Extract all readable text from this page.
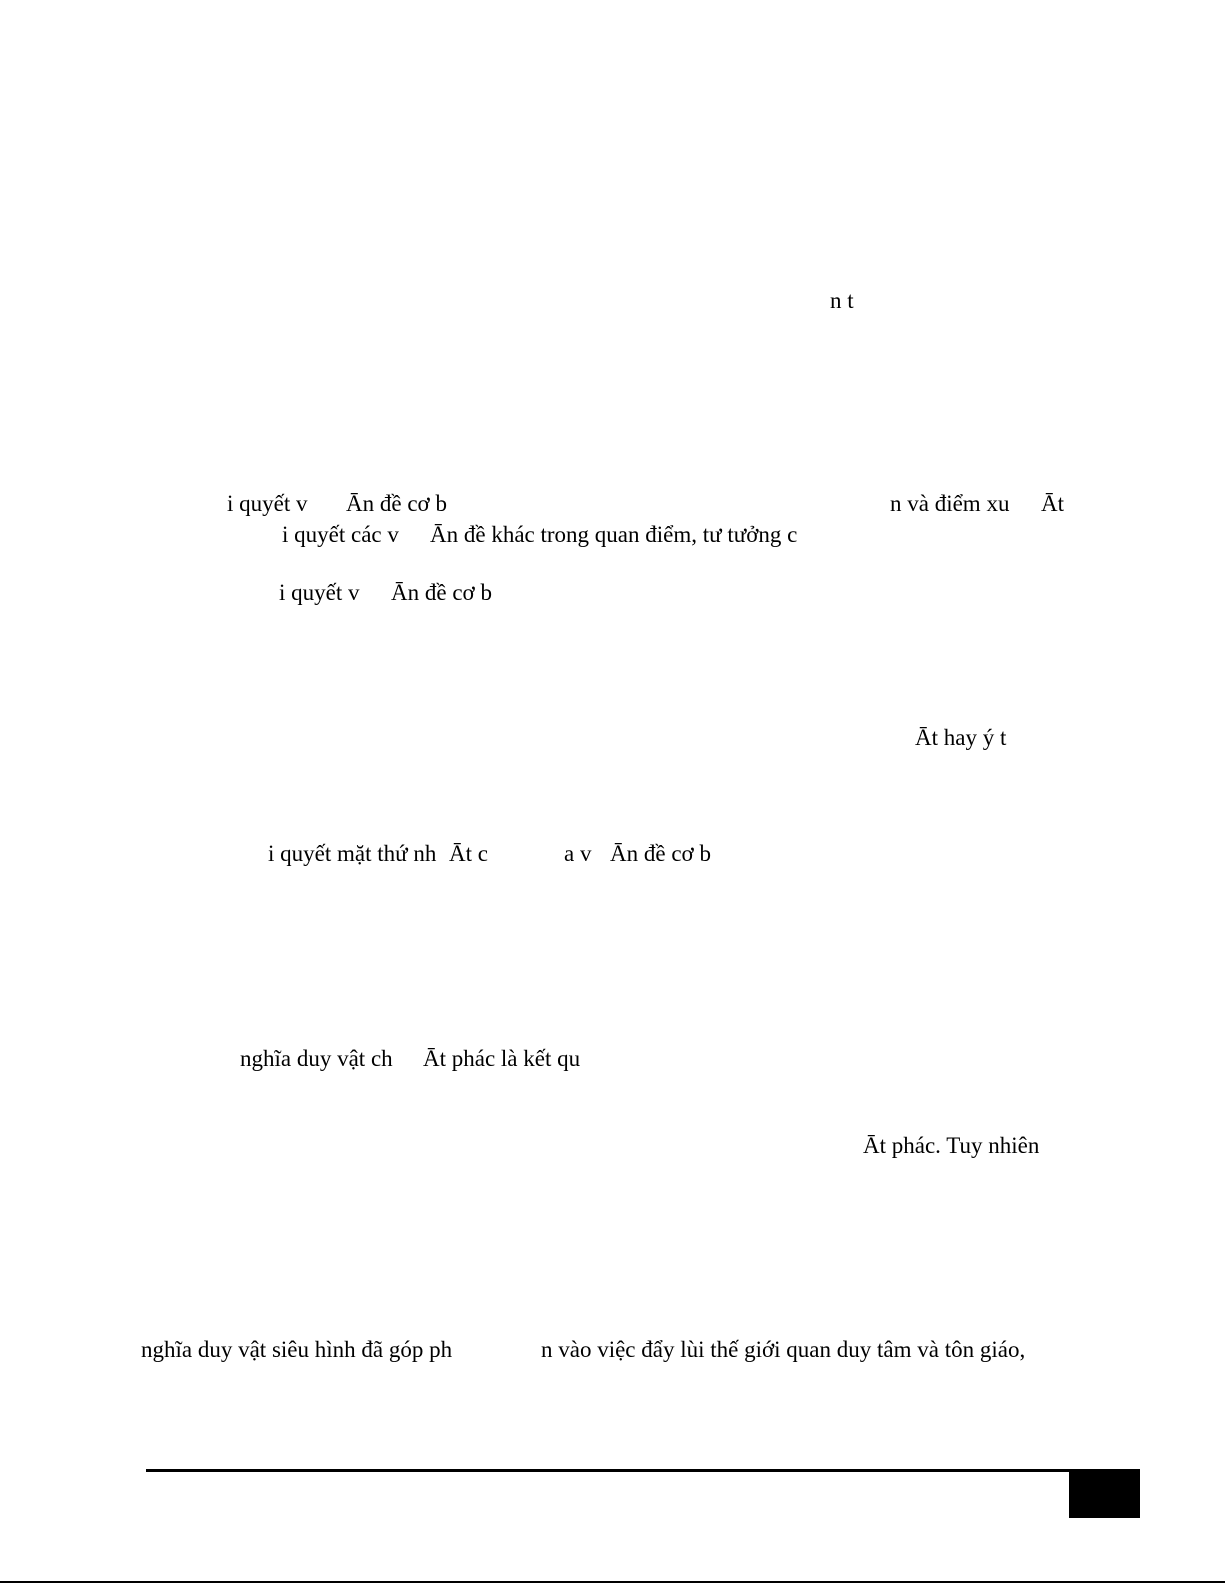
n t
i quyết v Ān đề cơ b	n và điểm xu Āt
i quyết các v Ān đề khác trong quan điểm, tư tưởng c
i quyết v Ān đề cơ b
Āt hay ý t
i quyết mặt thứ nh Āt c	a v Ān đề cơ b
nghĩa duy vật ch Āt phác là kết qu
Āt phác. Tuy nhiên
nghĩa duy vật siêu hình đã góp ph	n vào việc đẩy lùi thế giới quan duy tâm và tôn giáo,
